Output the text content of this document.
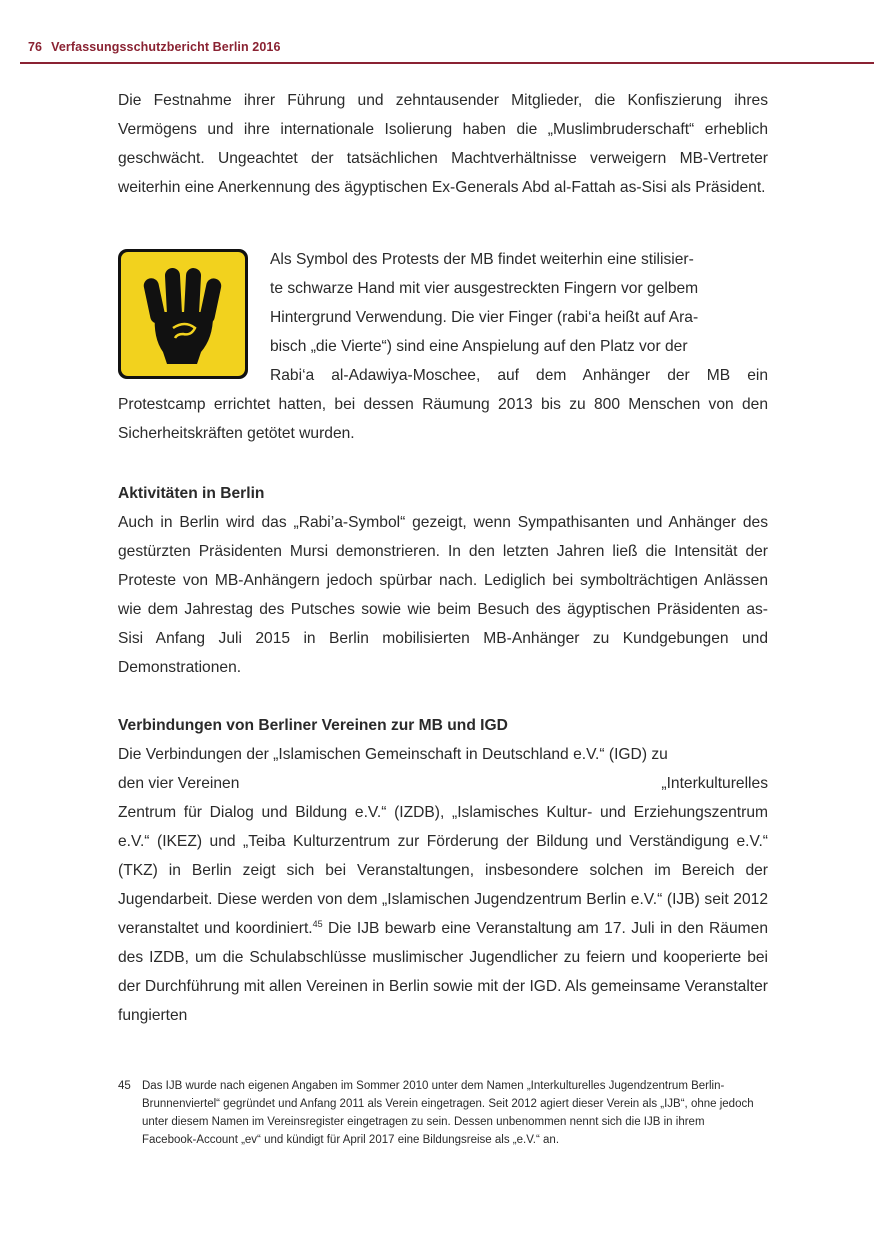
76 Verfassungsschutzbericht Berlin 2016

Die Festnahme ihrer Führung und zehntausender Mitglieder, die Konfiszierung ihres Vermögens und ihre internationale Isolierung haben die „Muslimbruderschaft“ erheblich geschwächt. Ungeachtet der tatsächlichen Machtverhältnisse verweigern MB-Vertreter weiterhin eine Anerkennung des ägyptischen Ex-Generals Abd al-Fattah as-Sisi als Präsident.

RABIA

Als Symbol des Protests der MB findet weiterhin eine stilisier-

te schwarze Hand mit vier ausgestreckten Fingern vor gelbem

Hintergrund Verwendung. Die vier Finger (rabi‘a heißt auf Ara-

bisch „die Vierte“) sind eine Anspielung auf den Platz vor der

Rabi‘a al-Adawiya-Moschee, auf dem Anhänger der MB ein

Protestcamp errichtet hatten, bei dessen Räumung 2013 bis zu 800 Menschen von den Sicherheitskräften getötet wurden.

Aktivitäten in Berlin

Auch in Berlin wird das „Rabi’a-Symbol“ gezeigt, wenn Sympathisanten und Anhänger des gestürzten Präsidenten Mursi demonstrieren. In den letzten Jahren ließ die Intensität der Proteste von MB-Anhängern jedoch spürbar nach. Lediglich bei symbolträchtigen Anlässen wie dem Jahrestag des Putsches sowie wie beim Besuch des ägyptischen Präsidenten as-Sisi Anfang Juli 2015 in Berlin mobilisierten MB-Anhänger zu Kundgebungen und Demonstrationen.

Verbindungen von Berliner Vereinen zur MB und IGD

Die Verbindungen der „Islamischen Gemeinschaft in Deutschland e.V.“ (IGD) zu

den vier Vereinen	„Interkulturelles

Zentrum für Dialog und Bildung e.V.“ (IZDB), „Islamisches Kultur- und Erziehungszentrum e.V.“ (IKEZ) und „Teiba Kulturzentrum zur Förderung der Bildung und Verständigung e.V.“ (TKZ) in Berlin zeigt sich bei Veranstaltungen, insbesondere solchen im Bereich der Jugendarbeit. Diese werden von dem „Islamischen Jugendzentrum Berlin e.V.“ (IJB) seit 2012 veranstaltet und koordiniert.$^{45}$ Die IJB bewarb eine Veranstaltung am 17. Juli in den Räumen des IZDB, um die Schulabschlüsse muslimischer Jugendlicher zu feiern und kooperierte bei der Durchführung mit allen Vereinen in Berlin sowie mit der IGD. Als gemeinsame Veranstalter fungierten

45 Das IJB wurde nach eigenen Angaben im Sommer 2010 unter dem Namen „Interkulturelles Jugendzentrum Berlin-Brunnenviertel“ gegründet und Anfang 2011 als Verein eingetragen. Seit 2012 agiert dieser Verein als „IJB“, ohne jedoch unter diesem Namen im Vereinsregister eingetragen zu sein. Dessen unbenommen nennt sich die IJB in ihrem Facebook-Account „ev“ und kündigt für April 2017 eine Bildungsreise als „e.V.“ an.
